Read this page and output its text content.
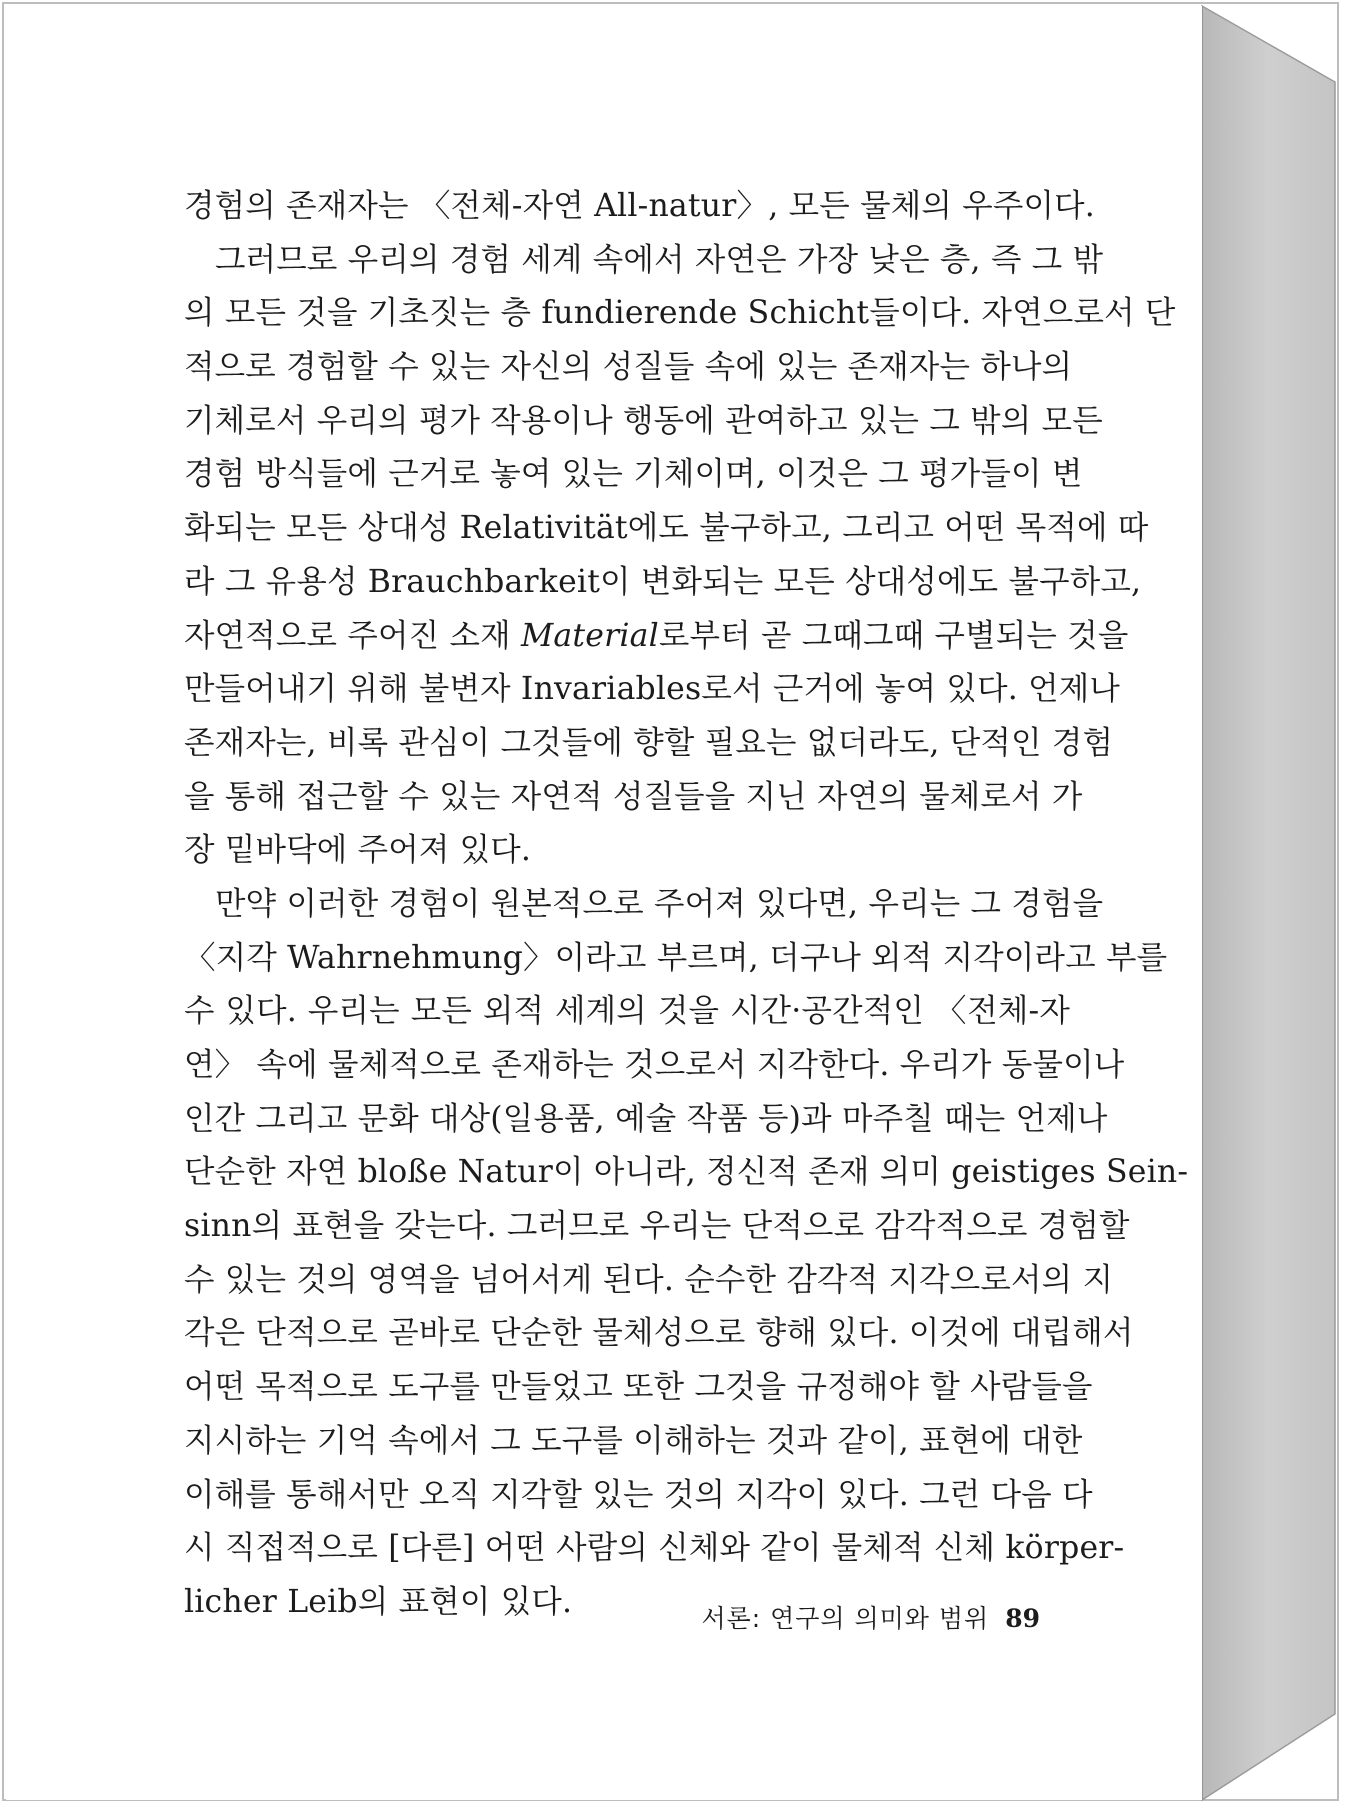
경험의 존재자는 〈전체-자연 All-natur〉, 모든 물체의 우주이다.
그러므로 우리의 경험 세계 속에서 자연은 가장 낮은 층, 즉 그 밖
의 모든 것을 기초짓는 층 fundierende Schicht들이다. 자연으로서 단
적으로 경험할 수 있는 자신의 성질들 속에 있는 존재자는 하나의
기체로서 우리의 평가 작용이나 행동에 관여하고 있는 그 밖의 모든
경험 방식들에 근거로 놓여 있는 기체이며, 이것은 그 평가들이 변
화되는 모든 상대성 Relativität에도 불구하고, 그리고 어떤 목적에 따
라 그 유용성 Brauchbarkeit이 변화되는 모든 상대성에도 불구하고,
자연적으로 주어진 소재 Material로부터 곧 그때그때 구별되는 것을
만들어내기 위해 불변자 Invariables로서 근거에 놓여 있다. 언제나
존재자는, 비록 관심이 그것들에 향할 필요는 없더라도, 단적인 경험
을 통해 접근할 수 있는 자연적 성질들을 지닌 자연의 물체로서 가
장 밑바닥에 주어져 있다.
만약 이러한 경험이 원본적으로 주어져 있다면, 우리는 그 경험을
〈지각 Wahrnehmung〉이라고 부르며, 더구나 외적 지각이라고 부를
수 있다. 우리는 모든 외적 세계의 것을 시간·공간적인 〈전체-자
연〉 속에 물체적으로 존재하는 것으로서 지각한다. 우리가 동물이나
인간 그리고 문화 대상(일용품, 예술 작품 등)과 마주칠 때는 언제나
단순한 자연 bloße Natur이 아니라, 정신적 존재 의미 geistiges Sein-
sinn의 표현을 갖는다. 그러므로 우리는 단적으로 감각적으로 경험할
수 있는 것의 영역을 넘어서게 된다. 순수한 감각적 지각으로서의 지
각은 단적으로 곧바로 단순한 물체성으로 향해 있다. 이것에 대립해서
어떤 목적으로 도구를 만들었고 또한 그것을 규정해야 할 사람들을
지시하는 기억 속에서 그 도구를 이해하는 것과 같이, 표현에 대한
이해를 통해서만 오직 지각할 있는 것의 지각이 있다. 그런 다음 다
시 직접적으로 [다른] 어떤 사람의 신체와 같이 물체적 신체 körper-
licher Leib의 표현이 있다.	서론: 연구의 의미와 범위 89
